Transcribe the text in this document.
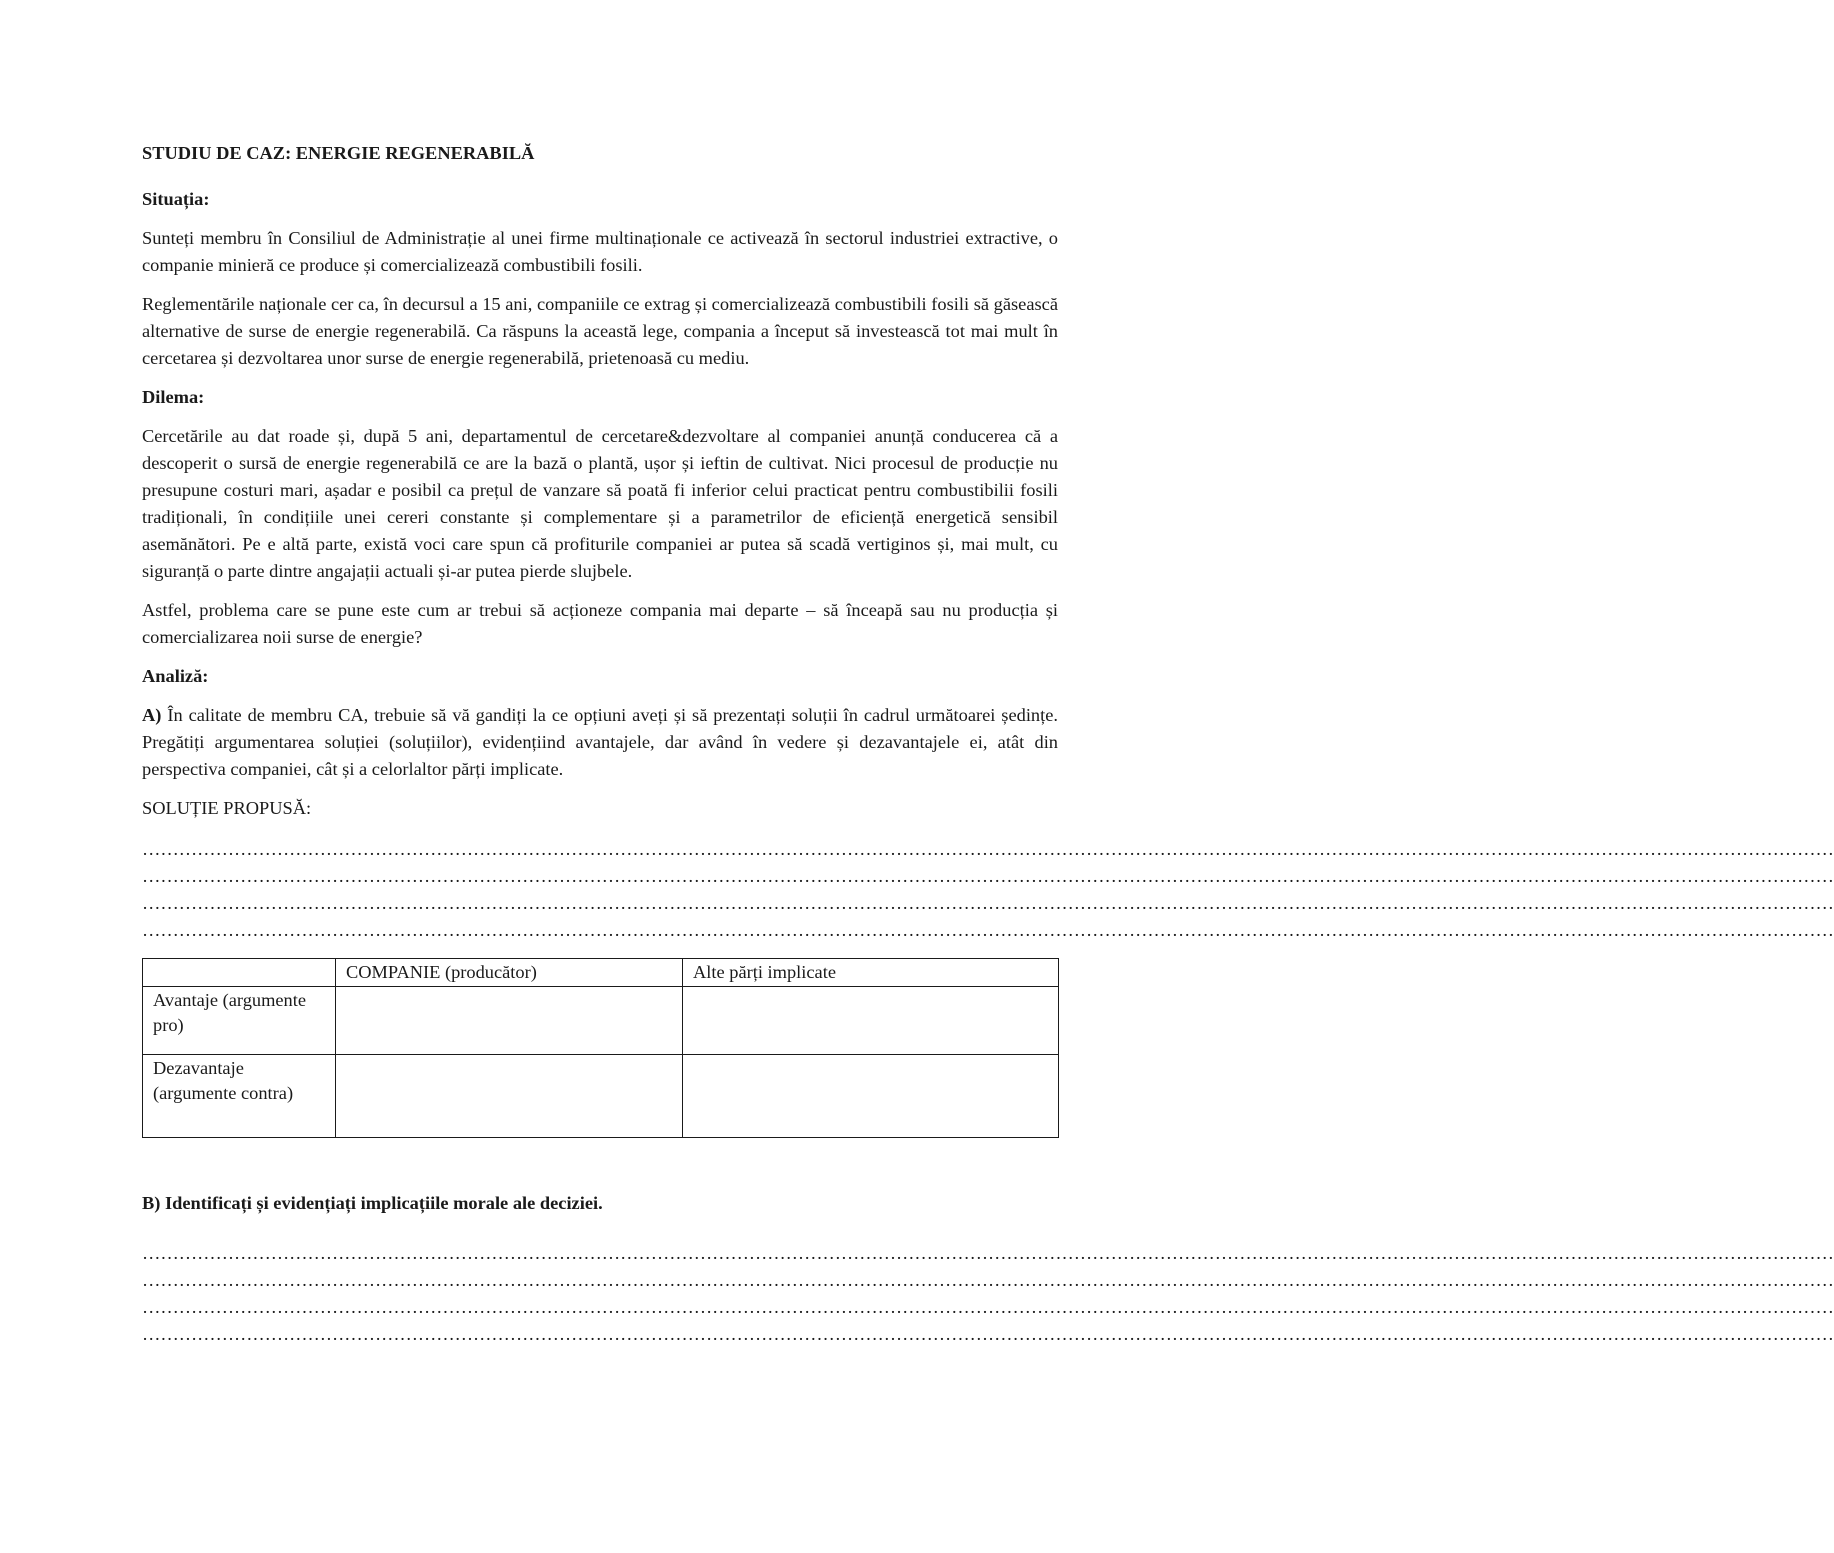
STUDIU DE CAZ: ENERGIE REGENERABILĂ
Situația:

Sunteți membru în Consiliul de Administrație al unei firme multinaționale ce activează în sectorul industriei extractive, o companie minieră ce produce și comercializează combustibili fosili.

Reglementările naționale cer ca, în decursul a 15 ani, companiile ce extrag și comercializează combustibili fosili să găsească alternative de surse de energie regenerabilă. Ca răspuns la această lege, compania a început să investească tot mai mult în cercetarea și dezvoltarea unor surse de energie regenerabilă, prietenoasă cu mediu.

Dilema:

Cercetările au dat roade și, după 5 ani, departamentul de cercetare&dezvoltare al companiei anunță conducerea că a descoperit o sursă de energie regenerabilă ce are la bază o plantă, ușor și ieftin de cultivat. Nici procesul de producție nu presupune costuri mari, așadar e posibil ca prețul de vanzare să poată fi inferior celui practicat pentru combustibilii fosili tradiționali, în condițiile unei cereri constante și complementare și a parametrilor de eficiență energetică sensibil asemănători. Pe e altă parte, există voci care spun că profiturile companiei ar putea să scadă vertiginos și, mai mult, cu siguranță o parte dintre angajații actuali și-ar putea pierde slujbele.

Astfel, problema care se pune este cum ar trebui să acționeze compania mai departe – să înceapă sau nu producția și comercializarea noii surse de energie?

Analiză:

A) În calitate de membru CA, trebuie să vă gandiți la ce opțiuni aveți și să prezentați soluții în cadrul următoarei ședințe. Pregătiți argumentarea soluției (soluțiilor), evidențiind avantajele, dar având în vedere și dezavantajele ei, atât din perspectiva companiei, cât și a celorlaltor părți implicate.

SOLUȚIE PROPUSĂ:

……………………………………………………………………………………………………………………………………………………………………………………………………………………………………………………
……………………………………………………………………………………………………………………………………………………………………………………………………………………………………………………
……………………………………………………………………………………………………………………………………………………………………………………………………………………………………………………
……………………………………………………………………………………………………………………………………………………………………………………………………………………………………………………
	COMPANIE (producător)	Alte părți implicate
Avantaje (argumente pro)		
Dezavantaje (argumente contra)		
B) Identificați și evidențiați implicațiile morale ale deciziei.
……………………………………………………………………………………………………………………………………………………………………………………………………………………………………………………
……………………………………………………………………………………………………………………………………………………………………………………………………………………………………………………
……………………………………………………………………………………………………………………………………………………………………………………………………………………………………………………
……………………………………………………………………………………………………………………………………………………………………………………………………………………………………………………
